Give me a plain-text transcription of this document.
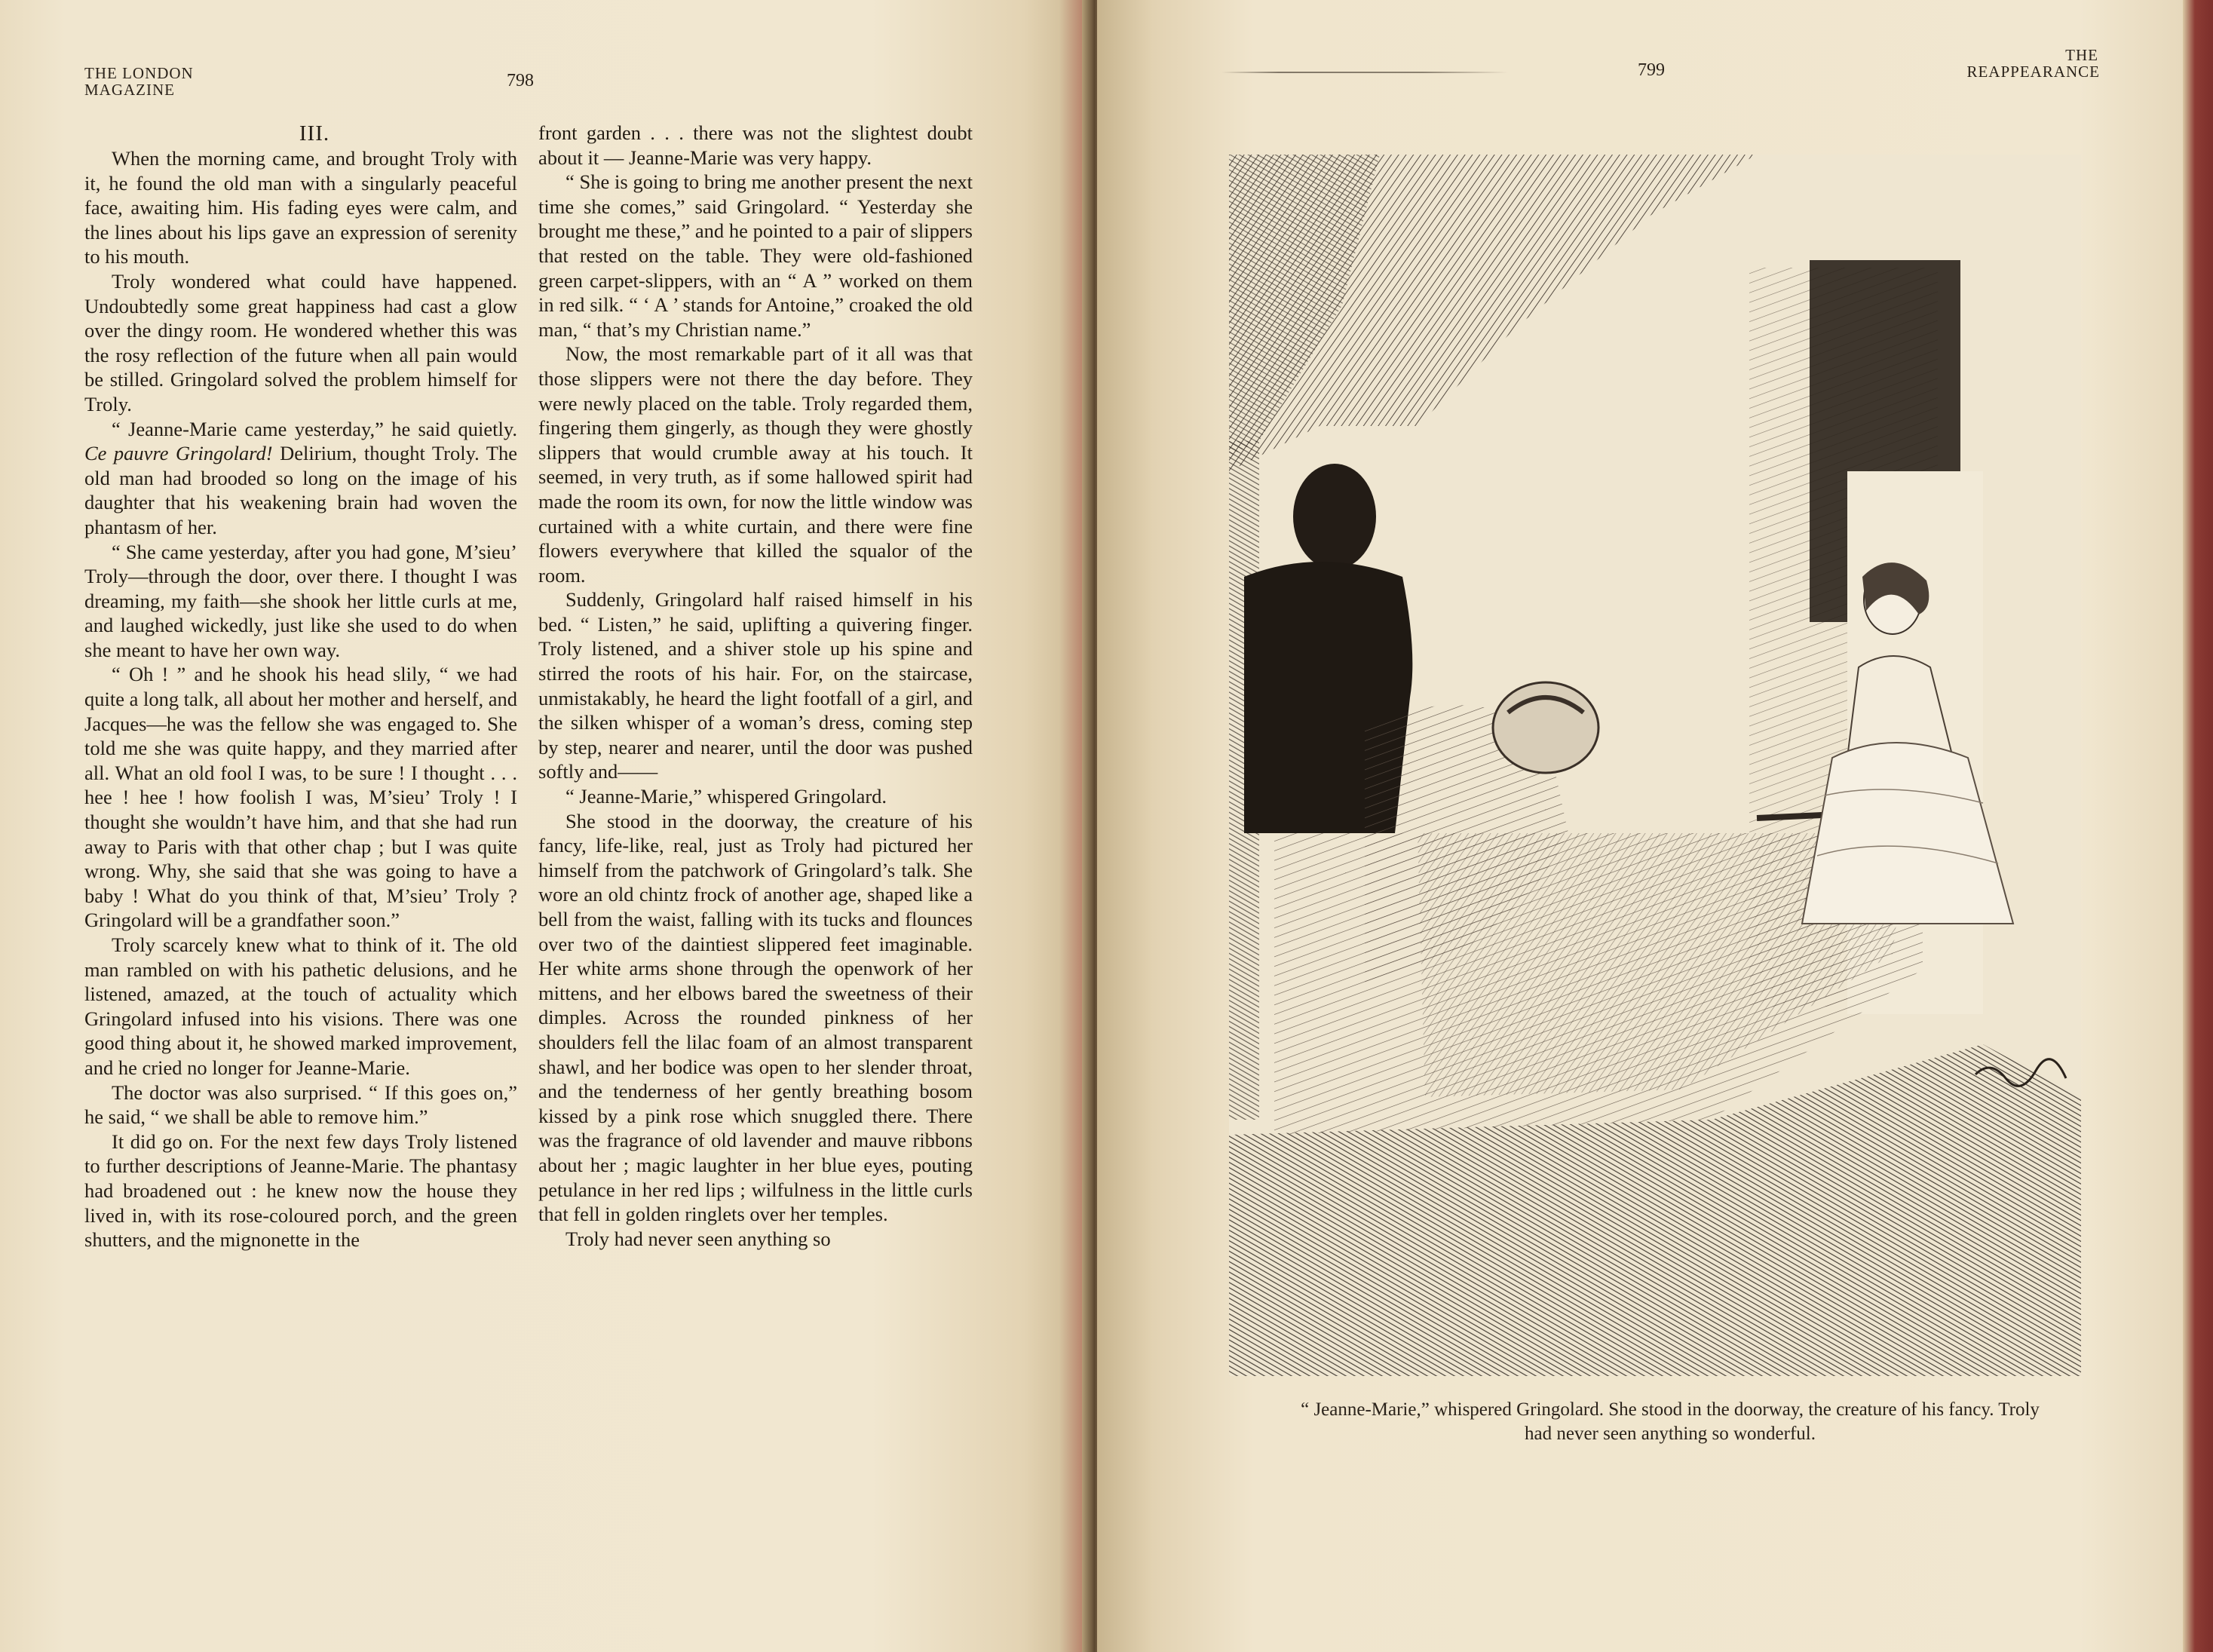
THE LONDON
MAGAZINE	798

III.

When the morning came, and brought Troly with it, he found the old man with a singularly peaceful face, awaiting him. His fading eyes were calm, and the lines about his lips gave an expression of serenity to his mouth.

Troly wondered what could have happened. Undoubtedly some great happiness had cast a glow over the dingy room. He wondered whether this was the rosy reflection of the future when all pain would be stilled. Gringolard solved the problem himself for Troly.

“ Jeanne-Marie came yesterday,” he said quietly. Ce pauvre Gringolard! Delirium, thought Troly. The old man had brooded so long on the image of his daughter that his weakening brain had woven the phantasm of her.

“ She came yesterday, after you had gone, M’sieu’ Troly—through the door, over there. I thought I was dreaming, my faith—she shook her little curls at me, and laughed wickedly, just like she used to do when she meant to have her own way.

“ Oh ! ” and he shook his head slily, “ we had quite a long talk, all about her mother and herself, and Jacques—he was the fellow she was engaged to. She told me she was quite happy, and they married after all. What an old fool I was, to be sure ! I thought . . . hee ! hee ! how foolish I was, M’sieu’ Troly ! I thought she wouldn’t have him, and that she had run away to Paris with that other chap ; but I was quite wrong. Why, she said that she was going to have a baby ! What do you think of that, M’sieu’ Troly ? Gringolard will be a grandfather soon.”

Troly scarcely knew what to think of it. The old man rambled on with his pathetic delusions, and he listened, amazed, at the touch of actuality which Gringolard infused into his visions. There was one good thing about it, he showed marked improvement, and he cried no longer for Jeanne-Marie.

The doctor was also surprised. “ If this goes on,” he said, “ we shall be able to remove him.”

It did go on. For the next few days Troly listened to further descriptions of Jeanne-Marie. The phantasy had broadened out : he knew now the house they lived in, with its rose-coloured porch, and the green shutters, and the mignonette in the

front garden . . . there was not the slightest doubt about it — Jeanne-Marie was very happy.

“ She is going to bring me another present the next time she comes,” said Gringolard. “ Yesterday she brought me these,” and he pointed to a pair of slippers that rested on the table. They were old-fashioned green carpet-slippers, with an “ A ” worked on them in red silk. “ ‘ A ’ stands for Antoine,” croaked the old man, “ that’s my Christian name.”

Now, the most remarkable part of it all was that those slippers were not there the day before. They were newly placed on the table. Troly regarded them, fingering them gingerly, as though they were ghostly slippers that would crumble away at his touch. It seemed, in very truth, as if some hallowed spirit had made the room its own, for now the little window was curtained with a white curtain, and there were fine flowers everywhere that killed the squalor of the room.

Suddenly, Gringolard half raised himself in his bed. “ Listen,” he said, uplifting a quivering finger. Troly listened, and a shiver stole up his spine and stirred the roots of his hair. For, on the staircase, unmistakably, he heard the light footfall of a girl, and the silken whisper of a woman’s dress, coming step by step, nearer and nearer, until the door was pushed softly and——

“ Jeanne-Marie,” whispered Gringolard.

She stood in the doorway, the creature of his fancy, life-like, real, just as Troly had pictured her himself from the patchwork of Gringolard’s talk. She wore an old chintz frock of another age, shaped like a bell from the waist, falling with its tucks and flounces over two of the daintiest slippered feet imaginable. Her white arms shone through the openwork of her mittens, and her elbows bared the sweetness of their dimples. Across the rounded pinkness of her shoulders fell the lilac foam of an almost transparent shawl, and her bodice was open to her slender throat, and the tenderness of her gently breathing bosom kissed by a pink rose which snuggled there. There was the fragrance of old lavender and mauve ribbons about her ; magic laughter in her blue eyes, pouting petulance in her red lips ; wilfulness in the little curls that fell in golden ringlets over her temples.

Troly had never seen anything so

799
THE
REAPPEARANCE
“ Jeanne-Marie,” whispered Gringolard. She stood in the doorway, the creature of his fancy. Troly
had never seen anything so wonderful.
